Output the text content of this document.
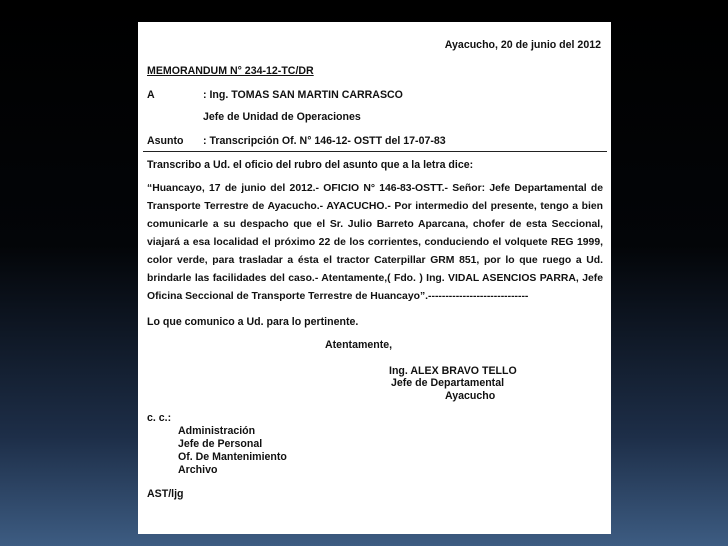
Ayacucho, 20 de junio del 2012
MEMORANDUM N° 234-12-TC/DR
A	: Ing. TOMAS SAN MARTIN CARRASCO
Jefe de Unidad de Operaciones
Asunto	: Transcripción Of. N° 146-12- OSTT del 17-07-83
Transcribo a Ud. el oficio del rubro del asunto que a la letra dice:
“Huancayo, 17 de junio del 2012.- OFICIO N° 146-83-OSTT.- Señor: Jefe Departamental de Transporte Terrestre de Ayacucho.- AYACUCHO.- Por intermedio del presente, tengo a bien comunicarle a su despacho que el Sr. Julio Barreto Aparcana, chofer de esta Seccional, viajará a esa localidad el próximo 22 de los corrientes, conduciendo el volquete REG 1999, color verde, para trasladar a ésta el tractor Caterpillar GRM 851, por lo que ruego a Ud. brindarle las facilidades del caso.- Atentamente,( Fdo. ) Ing. VIDAL ASENCIOS PARRA, Jefe Oficina Seccional de Transporte Terrestre de Huancayo”.-----------------------------
Lo que comunico a Ud. para lo pertinente.
Atentamente,
Ing. ALEX BRAVO TELLO
Jefe de Departamental
Ayacucho
c. c.:
Administración
Jefe de Personal
Of. De Mantenimiento
Archivo
AST/ljg
